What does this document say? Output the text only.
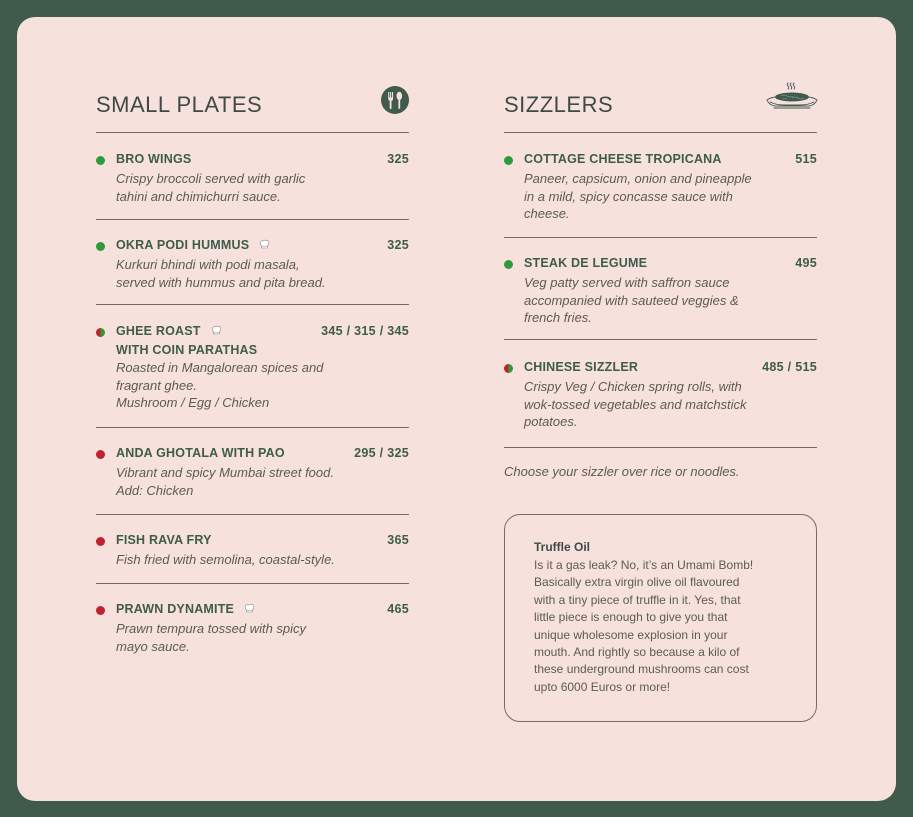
SMALL PLATES
BRO WINGS	325
Crispy broccoli served with garlic
tahini and chimichurri sauce.
OKRA PODI HUMMUS	325
Kurkuri bhindi with podi masala,
served with hummus and pita bread.
GHEE ROAST	345 / 315 / 345
WITH COIN PARATHAS
Roasted in Mangalorean spices and
fragrant ghee.
Mushroom / Egg / Chicken
ANDA GHOTALA WITH PAO	295 / 325
Vibrant and spicy Mumbai street food.
Add: Chicken
FISH RAVA FRY	365
Fish fried with semolina, coastal-style.
PRAWN DYNAMITE	465
Prawn tempura tossed with spicy
mayo sauce.
SIZZLERS
COTTAGE CHEESE TROPICANA	515
Paneer, capsicum, onion and pineapple
in a mild, spicy concasse sauce with
cheese.
STEAK DE LEGUME	495
Veg patty served with saffron sauce
accompanied with sauteed veggies &
french fries.
CHINESE SIZZLER	485 / 515
Crispy Veg / Chicken spring rolls, with
wok-tossed vegetables and matchstick
potatoes.
Choose your sizzler over rice or noodles.
Truffle Oil
Is it a gas leak? No, it’s an Umami Bomb!
Basically extra virgin olive oil flavoured
with a tiny piece of truffle in it. Yes, that
little piece is enough to give you that
unique wholesome explosion in your
mouth. And rightly so because a kilo of
these underground mushrooms can cost
upto 6000 Euros or more!
